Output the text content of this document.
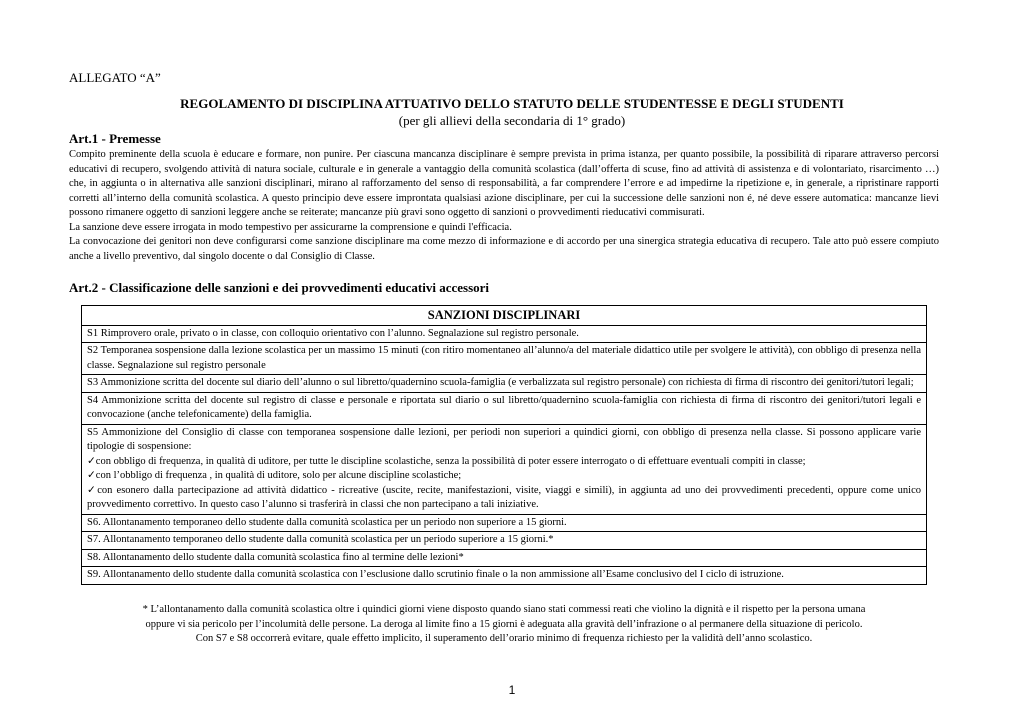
ALLEGATO “A”
REGOLAMENTO DI DISCIPLINA ATTUATIVO DELLO STATUTO DELLE STUDENTESSE E DEGLI STUDENTI
(per gli allievi della secondaria di 1° grado)
Art.1 - Premesse

Compito preminente della scuola è educare e formare, non punire. Per ciascuna mancanza disciplinare è sempre prevista in prima istanza, per quanto possibile, la possibilità di riparare attraverso percorsi educativi di recupero, svolgendo attività di natura sociale, culturale e in generale a vantaggio della comunità scolastica (dall’offerta di scuse, fino ad attività di assistenza e di volontariato, risarcimento …) che, in aggiunta o in alternativa alle sanzioni disciplinari, mirano al rafforzamento del senso di responsabilità, a far comprendere l’errore e ad impedirne la ripetizione e, in generale, a ripristinare rapporti corretti all’interno della comunità scolastica. A questo principio deve essere improntata qualsiasi azione disciplinare, per cui la successione delle sanzioni non é, né deve essere automatica: mancanze lievi possono rimanere oggetto di sanzioni leggere anche se reiterate; mancanze più gravi sono oggetto di sanzioni o provvedimenti rieducativi commisurati.

La sanzione deve essere irrogata in modo tempestivo per assicurarne la comprensione e quindi l'efficacia.

La convocazione dei genitori non deve configurarsi come sanzione disciplinare ma come mezzo di informazione e di accordo per una sinergica strategia educativa di recupero. Tale atto può essere compiuto anche a livello preventivo, dal singolo docente o dal Consiglio di Classe.

Art.2 - Classificazione delle sanzioni e dei provvedimenti educativi accessori
SANZIONI DISCIPLINARI
S1 Rimprovero orale, privato o in classe, con colloquio orientativo con l’alunno. Segnalazione sul registro personale.
S2 Temporanea sospensione dalla lezione scolastica per un massimo 15 minuti (con ritiro momentaneo all’alunno/a del materiale didattico utile per svolgere le attività), con obbligo di presenza nella classe. Segnalazione sul registro personale
S3 Ammonizione scritta del docente sul diario dell’alunno o sul libretto/quadernino scuola-famiglia (e verbalizzata sul registro personale) con richiesta di firma di riscontro dei genitori/tutori legali;
S4 Ammonizione scritta del docente sul registro di classe e personale e riportata sul diario o sul libretto/quadernino scuola-famiglia con richiesta di firma di riscontro dei genitori/tutori legali e convocazione (anche telefonicamente) della famiglia.

S5 Ammonizione del Consiglio di classe con temporanea sospensione dalle lezioni, per periodi non superiori a quindici giorni, con obbligo di presenza nella classe. Si possono applicare varie tipologie di sospensione:
✓con obbligo di frequenza, in qualità di uditore, per tutte le discipline scolastiche, senza la possibilità di poter essere interrogato o di effettuare eventuali compiti in classe;
✓con l’obbligo di frequenza , in qualità di uditore, solo per alcune discipline scolastiche;
✓con esonero dalla partecipazione ad attività didattico - ricreative (uscite, recite, manifestazioni, visite, viaggi e simili), in aggiunta ad uno dei provvedimenti precedenti, oppure come unico provvedimento correttivo. In questo caso l’alunno si trasferirà in classi che non partecipano a tali iniziative.

S6. Allontanamento temporaneo dello studente dalla comunità scolastica per un periodo non superiore a 15 giorni.
S7. Allontanamento temporaneo dello studente dalla comunità scolastica per un periodo superiore a 15 giorni.*
S8. Allontanamento dello studente dalla comunità scolastica fino al termine delle lezioni*
S9. Allontanamento dello studente dalla comunità scolastica con l’esclusione dallo scrutinio finale o la non ammissione all’Esame conclusivo del I ciclo di istruzione.
* L’allontanamento dalla comunità scolastica oltre i quindici giorni viene disposto quando siano stati commessi reati che violino la dignità e il rispetto per la persona umana
oppure vi sia pericolo per l’incolumità delle persone. La deroga al limite fino a 15 giorni è adeguata alla gravità dell’infrazione o al permanere della situazione di pericolo.
Con S7 e S8 occorrerà evitare, quale effetto implicito, il superamento dell’orario minimo di frequenza richiesto per la validità dell’anno scolastico.
1
